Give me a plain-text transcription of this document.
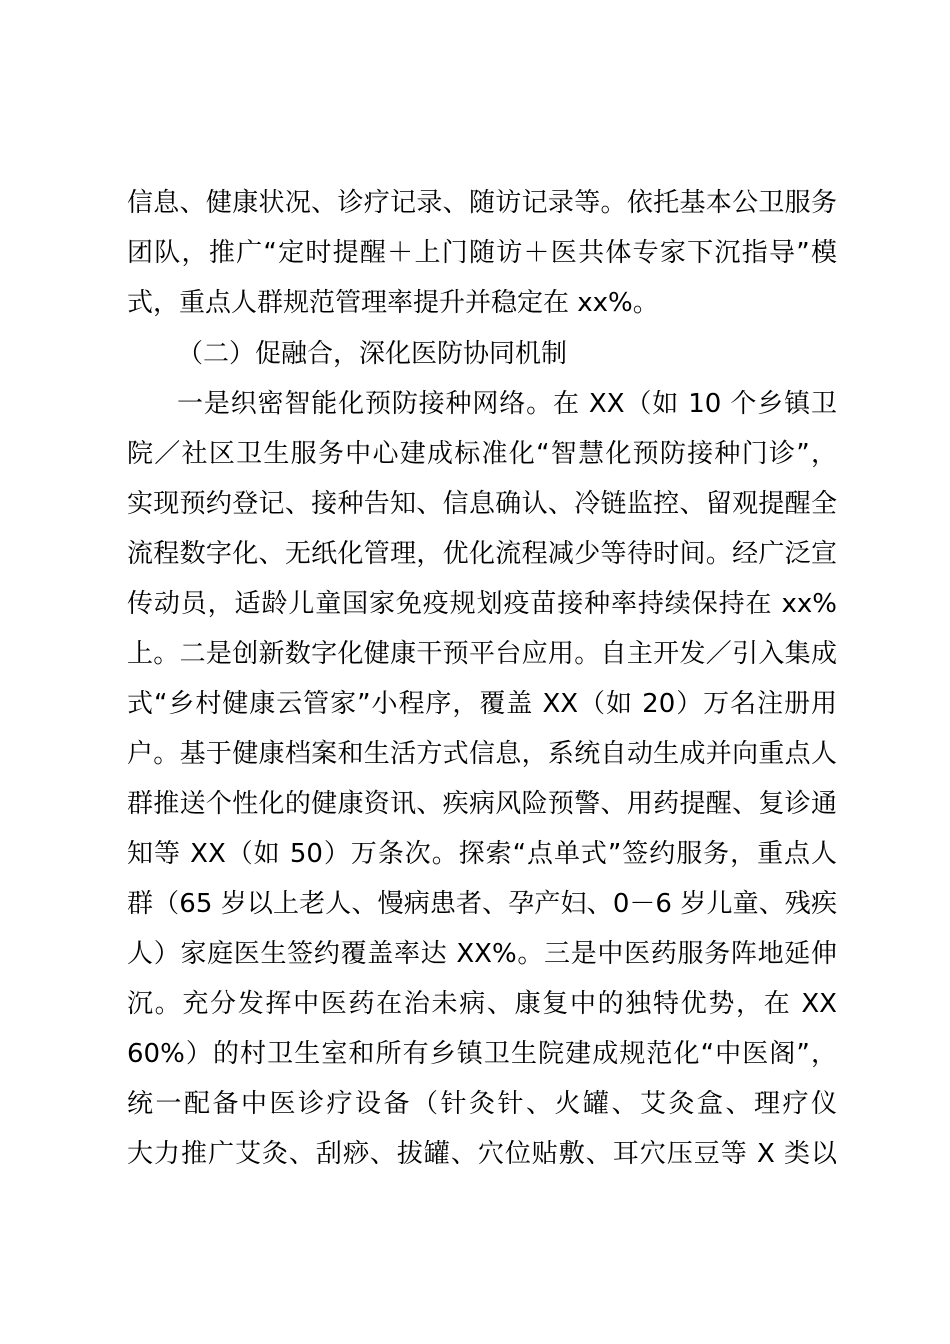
信息、健康状况、诊疗记录、随访记录等。依托基本公卫服务
团队，推广“定时提醒＋上门随访＋医共体专家下沉指导”模
式，重点人群规范管理率提升并稳定在 xx%。
（二）促融合，深化医防协同机制
一是织密智能化预防接种网络。在 XX（如 10 个乡镇卫
院／社区卫生服务中心建成标准化“智慧化预防接种门诊”，
实现预约登记、接种告知、信息确认、冷链监控、留观提醒全
流程数字化、无纸化管理，优化流程减少等待时间。经广泛宣
传动员，适龄儿童国家免疫规划疫苗接种率持续保持在 xx%
上。二是创新数字化健康干预平台应用。自主开发／引入集成
式“乡村健康云管家”小程序，覆盖 XX（如 20）万名注册用
户。基于健康档案和生活方式信息，系统自动生成并向重点人
群推送个性化的健康资讯、疾病风险预警、用药提醒、复诊通
知等 XX（如 50）万条次。探索“点单式”签约服务，重点人
群（65 岁以上老人、慢病患者、孕产妇、0－6 岁儿童、残疾
人）家庭医生签约覆盖率达 XX%。三是中医药服务阵地延伸
沉。充分发挥中医药在治未病、康复中的独特优势，在 XX
60%）的村卫生室和所有乡镇卫生院建成规范化“中医阁”，
统一配备中医诊疗设备（针灸针、火罐、艾灸盒、理疗仪
大力推广艾灸、刮痧、拔罐、穴位贴敷、耳穴压豆等 X 类以
